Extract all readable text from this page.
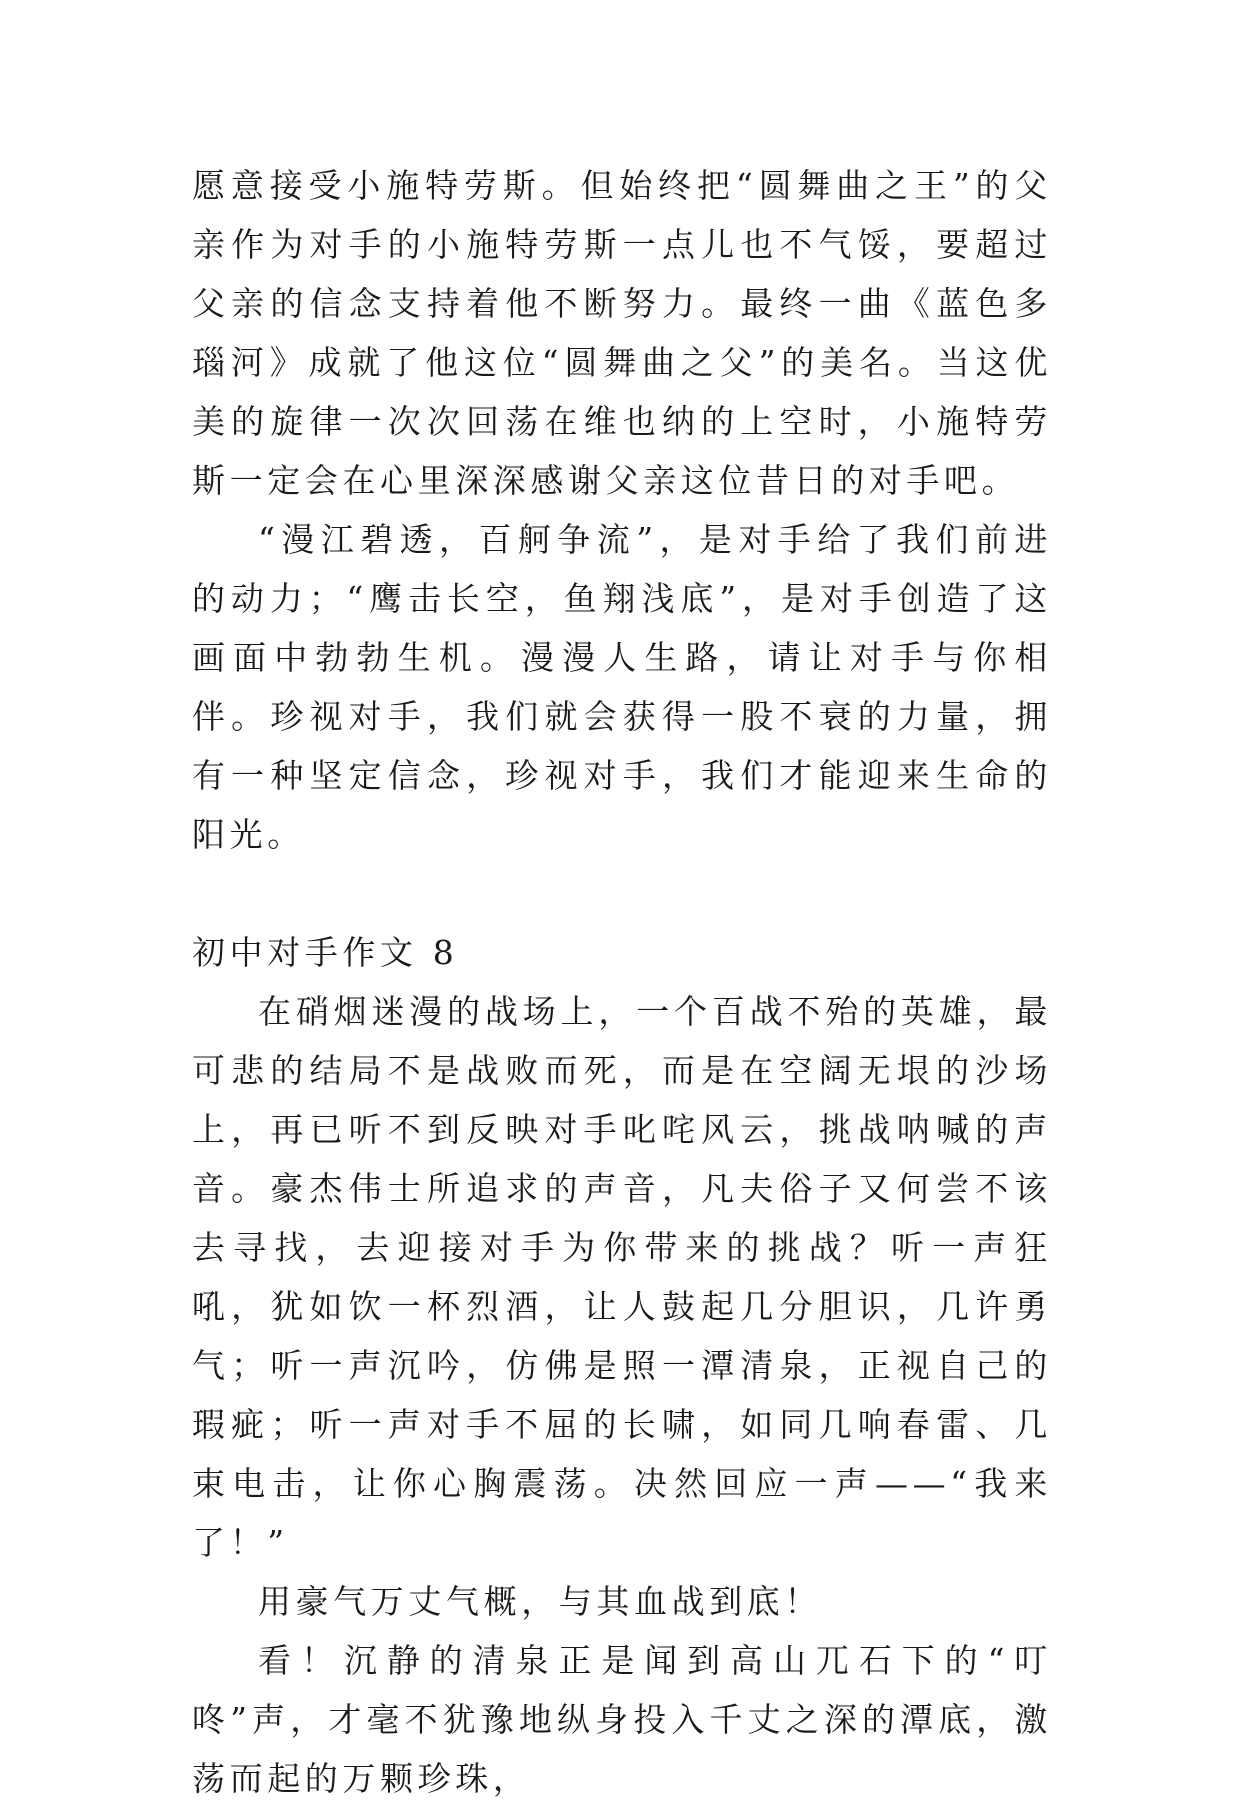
愿意接受小施特劳斯。但始终把“圆舞曲之王”的父亲作为对手的小施特劳斯一点儿也不气馁，要超过父亲的信念支持着他不断努力。最终一曲《蓝色多瑙河》成就了他这位“圆舞曲之父”的美名。当这优美的旋律一次次回荡在维也纳的上空时，小施特劳斯一定会在心里深深感谢父亲这位昔日的对手吧。

“漫江碧透，百舸争流”，是对手给了我们前进的动力；“鹰击长空，鱼翔浅底”，是对手创造了这画面中勃勃生机。漫漫人生路，请让对手与你相伴。珍视对手，我们就会获得一股不衰的力量，拥有一种坚定信念，珍视对手，我们才能迎来生命的阳光。

初中对手作文 8

在硝烟迷漫的战场上，一个百战不殆的英雄，最可悲的结局不是战败而死，而是在空阔无垠的沙场上，再已听不到反映对手叱咤风云，挑战呐喊的声音。豪杰伟士所追求的声音，凡夫俗子又何尝不该去寻找，去迎接对手为你带来的挑战？听一声狂吼，犹如饮一杯烈酒，让人鼓起几分胆识，几许勇气；听一声沉吟，仿佛是照一潭清泉，正视自己的瑕疵；听一声对手不屈的长啸，如同几响春雷、几束电击，让你心胸震荡。决然回应一声——“我来了！”

用豪气万丈气概，与其血战到底！

看！沉静的清泉正是闻到高山兀石下的“叮咚”声，才毫不犹豫地纵身投入千丈之深的潭底，激荡而起的万颗珍珠，
